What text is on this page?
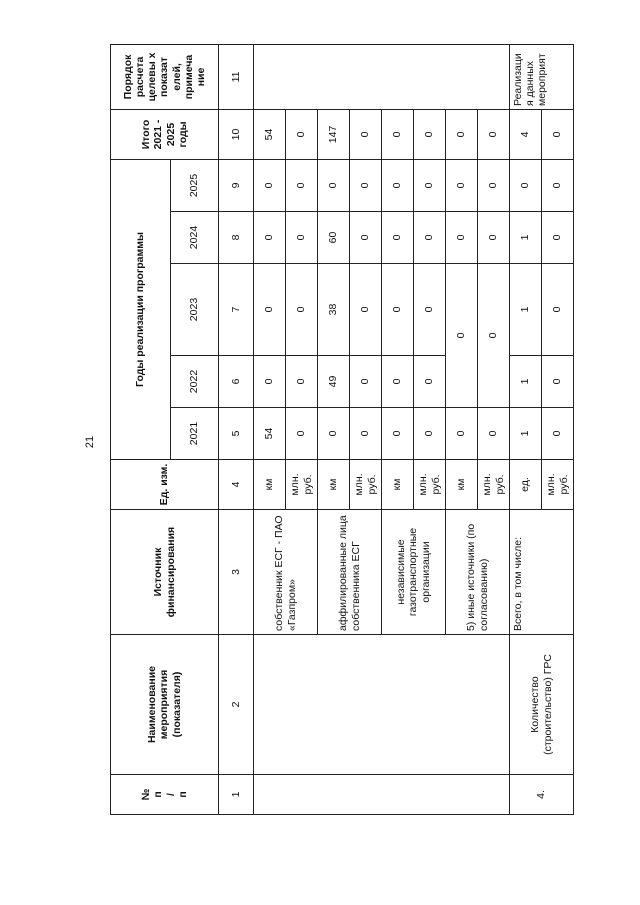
21
№
п
/
п	Наименование мероприятия (показателя)	Источник финансирования	Ед. изм.	Годы реализации программы					Итого 2021 - 2025 годы	Порядок расчета целевы х показат елей, примеча ние
				2021	2022	2023	2024	2025		
1	2	3	4	5	6	7	8	9	10	11
		собственник ЕСГ - ПАО «Газпром»	км	54	0	0	0	0	54	
			млн. руб.	0	0	0	0	0	0	
		аффилированные лица собственника ЕСГ	км	0	49	38	60	0	147	
			млн. руб.	0	0	0	0	0	0	
		независимые газотранспортные организации	км	0	0	0	0	0	0	
			млн. руб.	0	0	0	0	0	0	
		5) иные источники (по согласованию)	км	0	0		0	0	0	
			млн. руб.	0	0		0	0	0	
4.	Количество (строительство) ГРС	Всего, в том числе:	ед.	1	1	1	1	0	4	Реализаци я данных мероприят
			млн. руб.	0	0	0	0	0	0	
